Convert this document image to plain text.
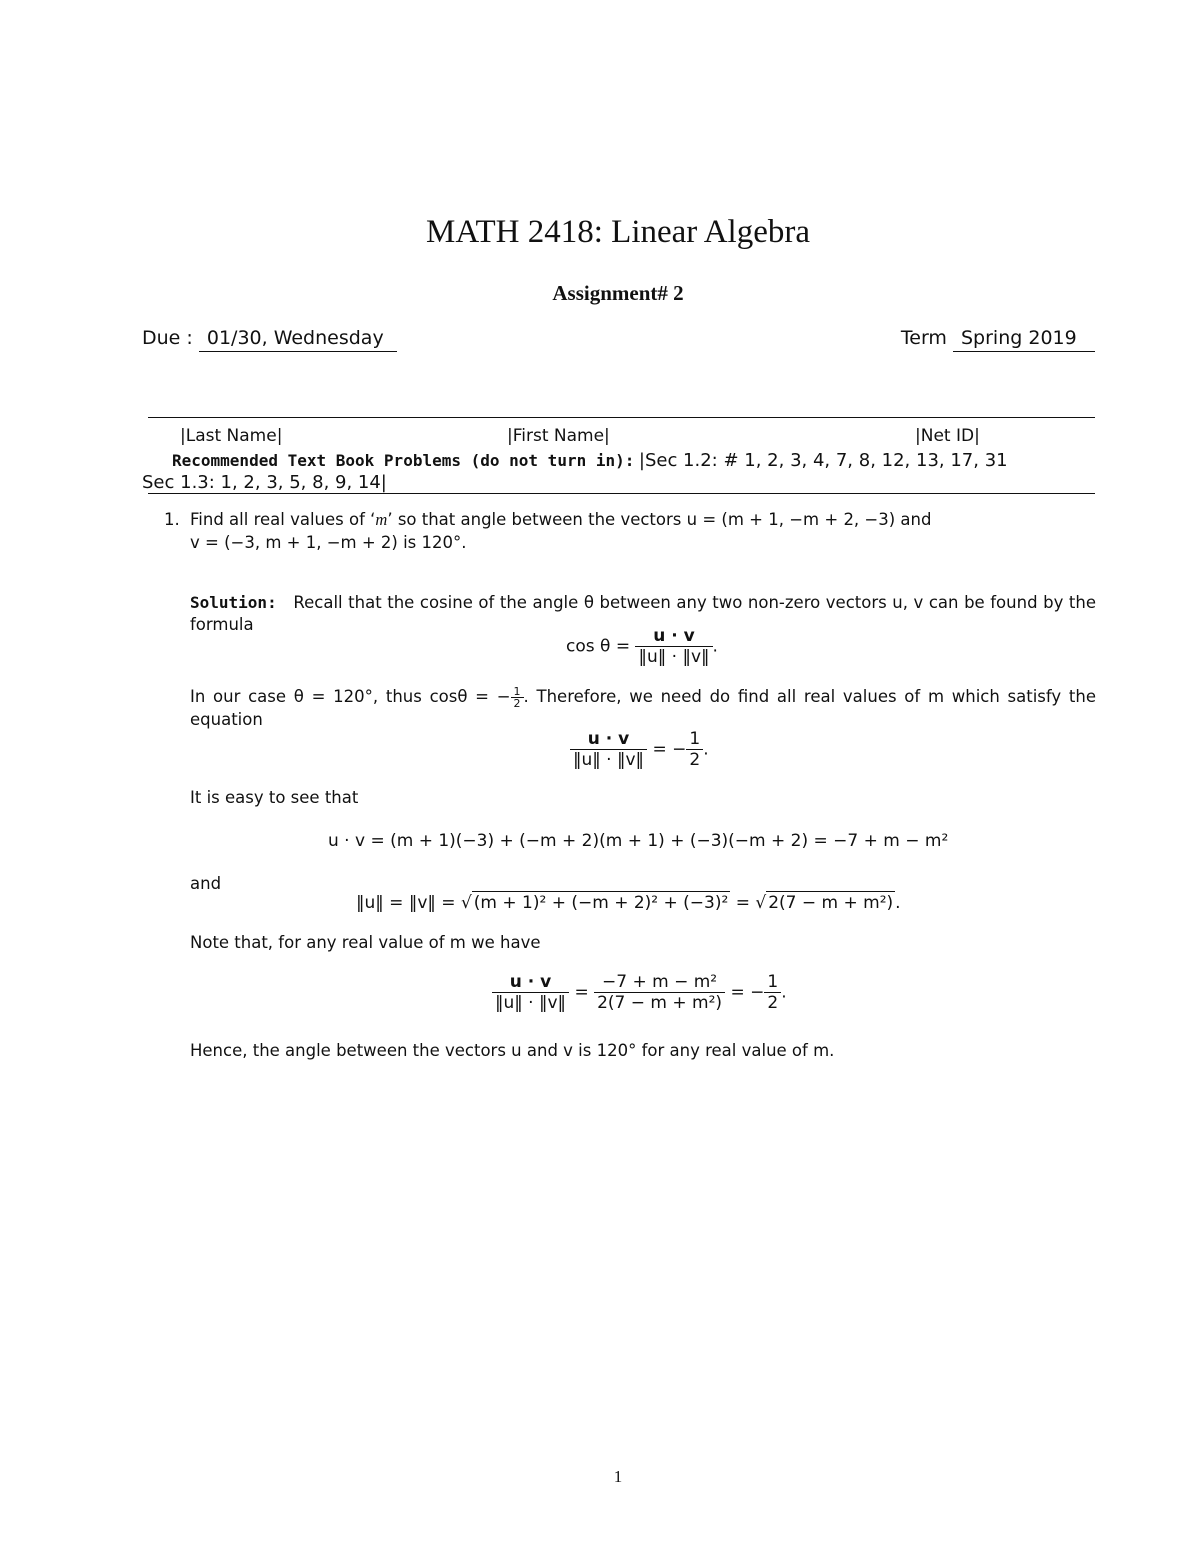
MATH 2418: Linear Algebra
Assignment# 2
Due : 01/30, Wednesday	Term Spring 2019
|Last Name|	|First Name|	|Net ID|
Recommended Text Book Problems (do not turn in): |Sec 1.2: # 1, 2, 3, 4, 7, 8, 12, 13, 17, 31
Sec 1.3: 1, 2, 3, 5, 8, 9, 14|
1. Find all real values of ‘m’ so that angle between the vectors u = (m + 1, −m + 2, −3) and
v = (−3, m + 1, −m + 2) is 120°.
Solution: Recall that the cosine of the angle θ between any two non-zero vectors u, v can be found by the formula
$\cos \theta = \frac{u \cdot v}{‖u‖ \cdot ‖v‖}$ .
In our case θ = 120°, thus cosθ = − $\frac{1}{2}$ . Therefore, we need do find all real values of m which satisfy the equation
$\frac{u \cdot v}{‖u‖ \cdot ‖v‖}$ = − $\frac{1}{2}$ .
It is easy to see that
u · v = (m + 1)(−3) + (−m + 2)(m + 1) + (−3)(−m + 2) = −7 + m − m²
and
‖u‖ = ‖v‖ = √ (m + 1)² + (−m + 2)² + (−3)² = √ 2(7 − m + m²) .
Note that, for any real value of m we have
$\frac{u \cdot v}{‖u‖ \cdot ‖v‖} = \frac{\text{−7 + m − m²}}{\text{2(7 − m + m²)}}$ = − $\frac{1}{2}$ .
Hence, the angle between the vectors u and v is 120° for any real value of m.
1
